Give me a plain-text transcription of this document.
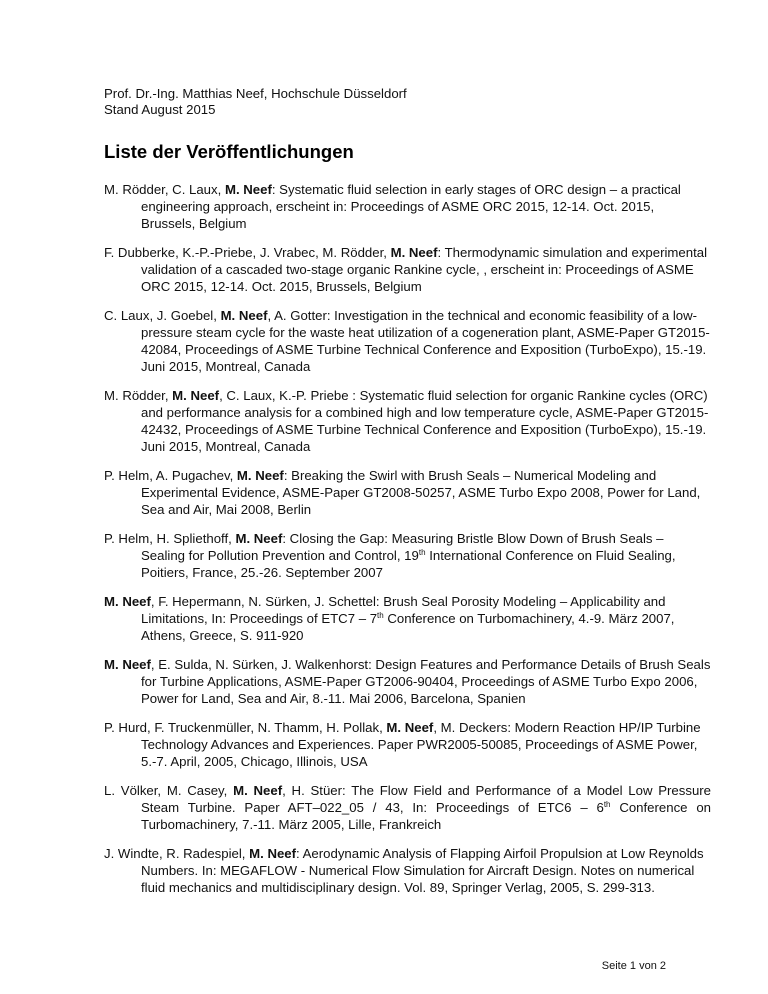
Prof. Dr.-Ing. Matthias Neef, Hochschule Düsseldorf
Stand August 2015
Liste der Veröffentlichungen
M. Rödder, C. Laux, M. Neef: Systematic fluid selection in early stages of ORC design – a practical engineering approach, erscheint in: Proceedings of ASME ORC 2015, 12-14. Oct. 2015, Brussels, Belgium
F. Dubberke, K.-P.-Priebe, J. Vrabec, M. Rödder, M. Neef: Thermodynamic simulation and experimental validation of a cascaded two-stage organic Rankine cycle, , erscheint in: Proceedings of ASME ORC 2015, 12-14. Oct. 2015, Brussels, Belgium
C. Laux, J. Goebel, M. Neef, A. Gotter: Investigation in the technical and economic feasibility of a low-pressure steam cycle for the waste heat utilization of a cogeneration plant, ASME-Paper GT2015-42084, Proceedings of ASME Turbine Technical Conference and Exposition (TurboExpo), 15.-19. Juni 2015, Montreal, Canada
M. Rödder, M. Neef, C. Laux, K.-P. Priebe : Systematic fluid selection for organic Rankine cycles (ORC) and performance analysis for a combined high and low temperature cycle, ASME-Paper GT2015-42432, Proceedings of ASME Turbine Technical Conference and Exposition (TurboExpo), 15.-19. Juni 2015, Montreal, Canada
P. Helm, A. Pugachev, M. Neef: Breaking the Swirl with Brush Seals – Numerical Modeling and Experimental Evidence, ASME-Paper GT2008-50257, ASME Turbo Expo 2008, Power for Land, Sea and Air, Mai 2008, Berlin
P. Helm, H. Spliethoff, M. Neef: Closing the Gap: Measuring Bristle Blow Down of Brush Seals – Sealing for Pollution Prevention and Control, 19th International Conference on Fluid Sealing, Poitiers, France, 25.-26. September 2007
M. Neef, F. Hepermann, N. Sürken, J. Schettel: Brush Seal Porosity Modeling – Applicability and Limitations, In: Proceedings of ETC7 – 7th Conference on Turbomachinery, 4.-9. März 2007, Athens, Greece, S. 911-920
M. Neef, E. Sulda, N. Sürken, J. Walkenhorst: Design Features and Performance Details of Brush Seals for Turbine Applications, ASME-Paper GT2006-90404, Proceedings of ASME Turbo Expo 2006, Power for Land, Sea and Air, 8.-11. Mai 2006, Barcelona, Spanien
P. Hurd, F. Truckenmüller, N. Thamm, H. Pollak, M. Neef, M. Deckers: Modern Reaction HP/IP Turbine Technology Advances and Experiences. Paper PWR2005-50085, Proceedings of ASME Power, 5.-7. April, 2005, Chicago, Illinois, USA
L. Völker, M. Casey, M. Neef, H. Stüer: The Flow Field and Performance of a Model Low Pressure Steam Turbine. Paper AFT–022_05 / 43, In: Proceedings of ETC6 – 6th Conference on Turbomachinery, 7.-11. März 2005, Lille, Frankreich
J. Windte, R. Radespiel, M. Neef: Aerodynamic Analysis of Flapping Airfoil Propulsion at Low Reynolds Numbers. In: MEGAFLOW - Numerical Flow Simulation for Aircraft Design. Notes on numerical fluid mechanics and multidisciplinary design. Vol. 89, Springer Verlag, 2005, S. 299-313.
Seite 1 von 2
